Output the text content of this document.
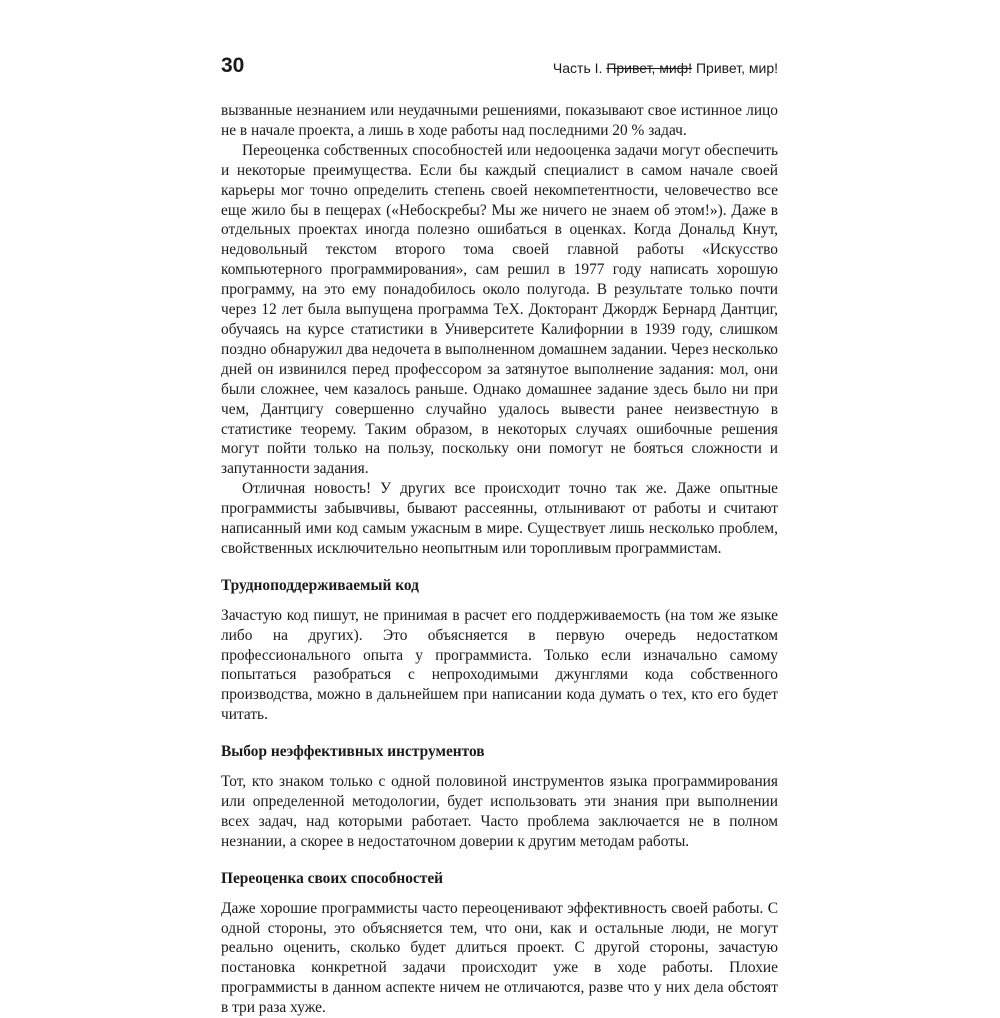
30	Часть I. Привет, миф! Привет, мир!

вызванные незнанием или неудачными решениями, показывают свое истинное лицо не в начале проекта, а лишь в ходе работы над последними 20 % задач.

Переоценка собственных способностей или недооценка задачи могут обеспечить и некоторые преимущества. Если бы каждый специалист в самом начале своей карьеры мог точно определить степень своей некомпетентности, человечество все еще жило бы в пещерах («Небоскребы? Мы же ничего не знаем об этом!»). Даже в отдельных проектах иногда полезно ошибаться в оценках. Когда Дональд Кнут, недовольный текстом второго тома своей главной работы «Искусство компьютерного программирования», сам решил в 1977 году написать хорошую программу, на это ему понадобилось около полугода. В результате только почти через 12 лет была выпущена программа TeX. Докторант Джордж Бернард Дантциг, обучаясь на курсе статистики в Университете Калифорнии в 1939 году, слишком поздно обнаружил два недочета в выполненном домашнем задании. Через несколько дней он извинился перед профессором за затянутое выполнение задания: мол, они были сложнее, чем казалось раньше. Однако домашнее задание здесь было ни при чем, Дантцигу совершенно случайно удалось вывести ранее неизвестную в статистике теорему. Таким образом, в некоторых случаях ошибочные решения могут пойти только на пользу, поскольку они помогут не бояться сложности и запутанности задания.

Отличная новость! У других все происходит точно так же. Даже опытные программисты забывчивы, бывают рассеянны, отлынивают от работы и считают написанный ими код самым ужасным в мире. Существует лишь несколько проблем, свойственных исключительно неопытным или торопливым программистам.

Трудноподдерживаемый код

Зачастую код пишут, не принимая в расчет его поддерживаемость (на том же языке либо на других). Это объясняется в первую очередь недостатком профессионального опыта у программиста. Только если изначально самому попытаться разобраться с непроходимыми джунглями кода собственного производства, можно в дальнейшем при написании кода думать о тех, кто его будет читать.

Выбор неэффективных инструментов

Тот, кто знаком только с одной половиной инструментов языка программирования или определенной методологии, будет использовать эти знания при выполнении всех задач, над которыми работает. Часто проблема заключается не в полном незнании, а скорее в недостаточном доверии к другим методам работы.

Переоценка своих способностей

Даже хорошие программисты часто переоценивают эффективность своей работы. С одной стороны, это объясняется тем, что они, как и остальные люди, не могут реально оценить, сколько будет длиться проект. С другой стороны, зачастую постановка конкретной задачи происходит уже в ходе работы. Плохие программисты в данном аспекте ничем не отличаются, разве что у них дела обстоят в три раза хуже.
